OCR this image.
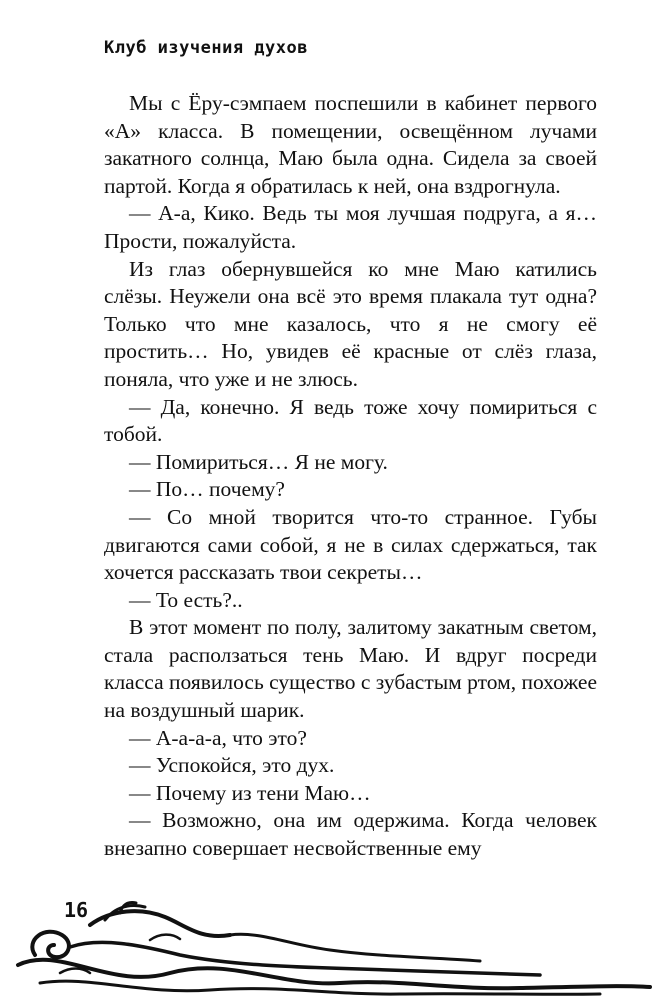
Клуб изучения духов

Мы с Ёру-сэмпаем поспешили в кабинет первого «А» класса. В помещении, освещённом лучами закатного солнца, Маю была одна. Сидела за своей партой. Когда я обратилась к ней, она вздрогнула.

— А-а, Кико. Ведь ты моя лучшая подруга, а я… Прости, пожалуйста.

Из глаз обернувшейся ко мне Маю катились слёзы. Неужели она всё это время плакала тут одна? Только что мне казалось, что я не смогу её простить… Но, увидев её красные от слёз глаза, поняла, что уже и не злюсь.

— Да, конечно. Я ведь тоже хочу помириться с тобой.

— Помириться… Я не могу.

— По… почему?

— Со мной творится что-то странное. Губы двигаются сами собой, я не в силах сдержаться, так хочется рассказать твои секреты…

— То есть?..

В этот момент по полу, залитому закатным светом, стала расползаться тень Маю. И вдруг посреди класса появилось существо с зубастым ртом, похожее на воздушный шарик.

— А-а-а-а, что это?

— Успокойся, это дух.

— Почему из тени Маю…

— Возможно, она им одержима. Когда человек внезапно совершает несвойственные ему

16
